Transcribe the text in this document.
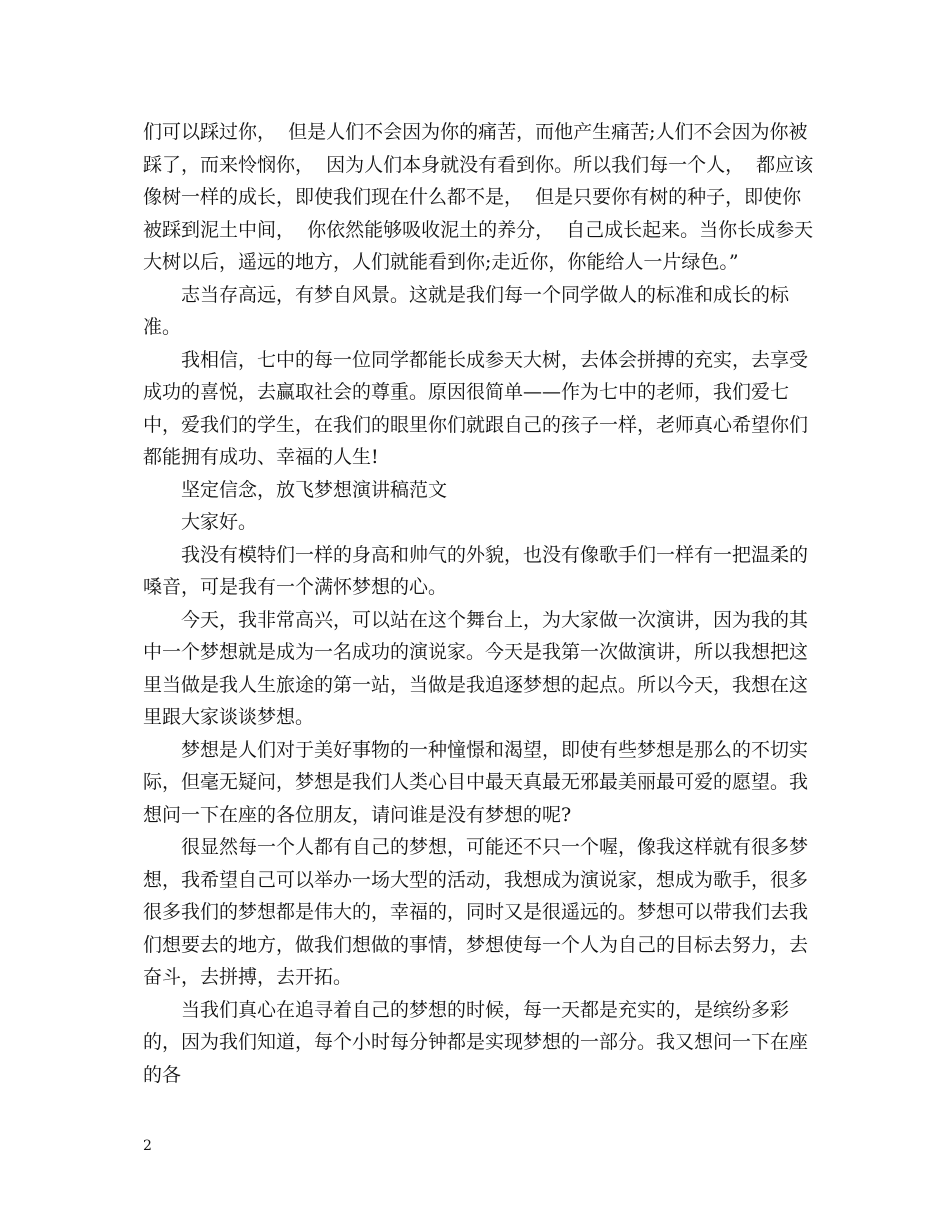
们可以踩过你，  但是人们不会因为你的痛苦，而他产生痛苦;人们不会因为你被踩了，而来怜悯你，  因为人们本身就没有看到你。所以我们每一个人，  都应该像树一样的成长，即使我们现在什么都不是，  但是只要你有树的种子，即使你被踩到泥土中间，  你依然能够吸收泥土的养分，  自己成长起来。当你长成参天大树以后，遥远的地方，人们就能看到你;走近你，你能给人一片绿色。”

志当存高远，有梦自风景。这就是我们每一个同学做人的标准和成长的标准。

我相信，七中的每一位同学都能长成参天大树，去体会拼搏的充实，去享受成功的喜悦，去赢取社会的尊重。原因很简单——作为七中的老师，我们爱七中，爱我们的学生，在我们的眼里你们就跟自己的孩子一样，老师真心希望你们都能拥有成功、幸福的人生!

坚定信念，放飞梦想演讲稿范文

大家好。

我没有模特们一样的身高和帅气的外貌，也没有像歌手们一样有一把温柔的嗓音，可是我有一个满怀梦想的心。

今天，我非常高兴，可以站在这个舞台上，为大家做一次演讲，因为我的其中一个梦想就是成为一名成功的演说家。今天是我第一次做演讲，所以我想把这里当做是我人生旅途的第一站，当做是我追逐梦想的起点。所以今天，我想在这里跟大家谈谈梦想。

梦想是人们对于美好事物的一种憧憬和渴望，即使有些梦想是那么的不切实际，但毫无疑问，梦想是我们人类心目中最天真最无邪最美丽最可爱的愿望。我想问一下在座的各位朋友，请问谁是没有梦想的呢?

很显然每一个人都有自己的梦想，可能还不只一个喔，像我这样就有很多梦想，我希望自己可以举办一场大型的活动，我想成为演说家，想成为歌手，很多很多我们的梦想都是伟大的，幸福的，同时又是很遥远的。梦想可以带我们去我们想要去的地方，做我们想做的事情，梦想使每一个人为自己的目标去努力，去奋斗，去拼搏，去开拓。

当我们真心在追寻着自己的梦想的时候，每一天都是充实的，是缤纷多彩的，因为我们知道，每个小时每分钟都是实现梦想的一部分。我又想问一下在座的各

2
